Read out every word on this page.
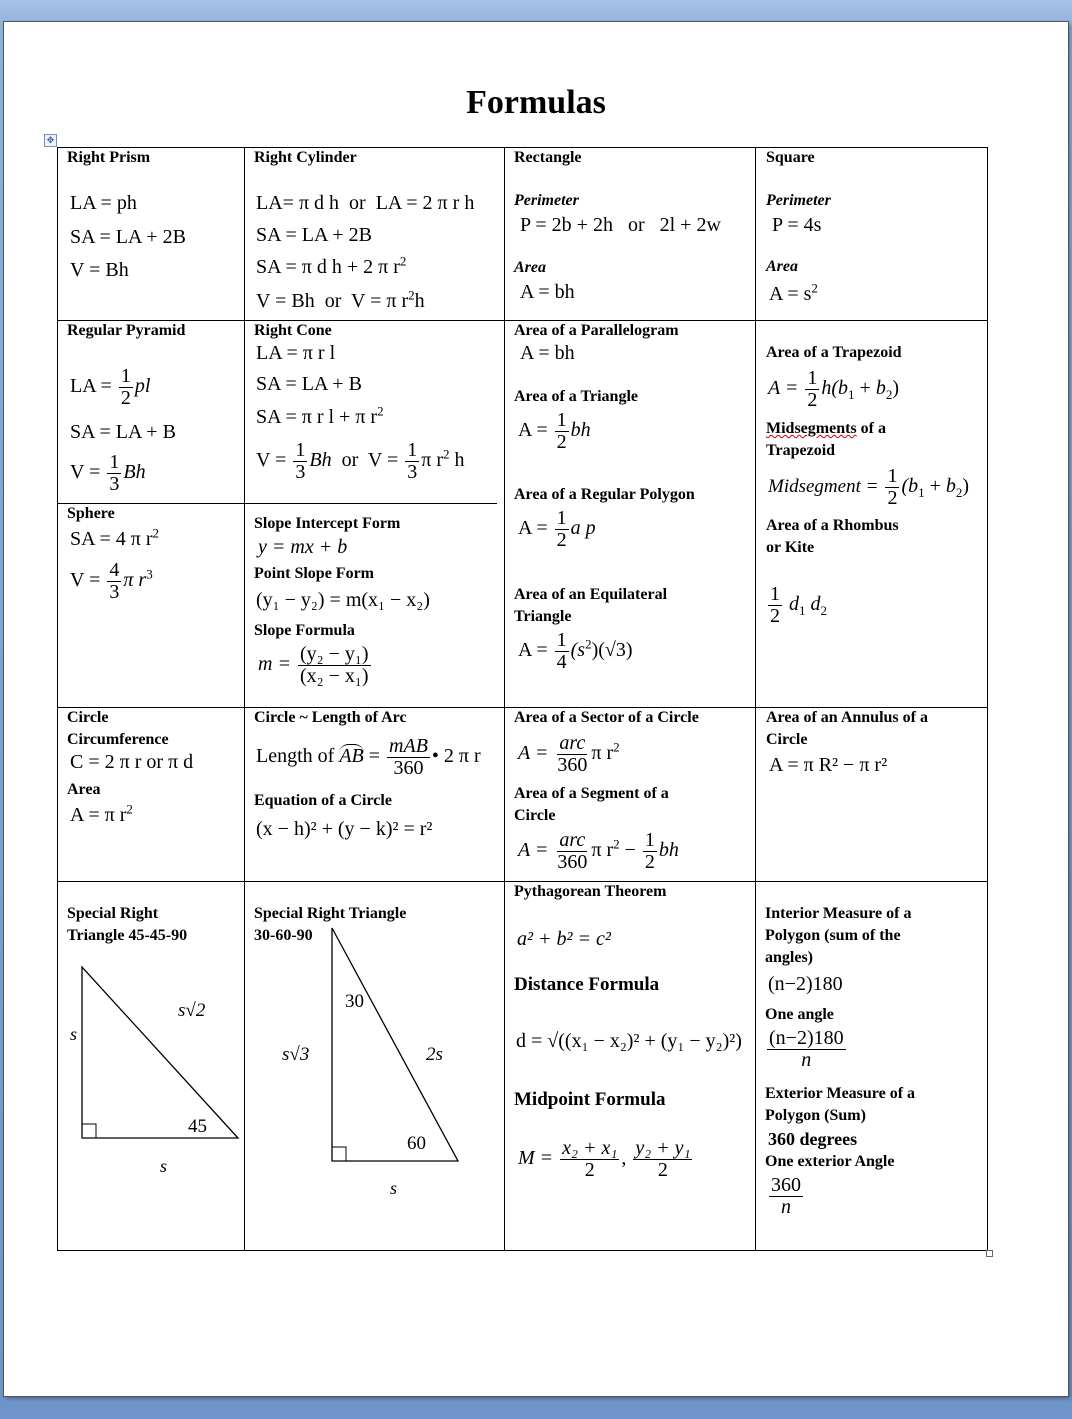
Formulas
✥
Right Prism
LA = ph
SA = LA + 2B
V = Bh
Right Cylinder
LA= π d h or LA = 2 π r h
SA = LA + 2B
SA = π d h + 2 π $r^2$
V = Bh or V = π $r^2h$
Rectangle
Perimeter
P = 2b + 2h or 2l + 2w
Area
A = bh
Square
Perimeter
P = 4s
Area
$A = s^2$
Regular Pyramid
LA = $\frac{1}{2}$ pl
SA = LA + B
$V = \frac{1}{3}$ Bh
Right Cone
LA = π r l
SA = LA + B
SA = π r l + π $r^2$
$V = \frac{1}{3}$ Bh or $V = \frac{1}{3}$ π $r^2$ h
Area of a Parallelogram
A = bh
Area of a Triangle
$A = \frac{1}{2}$ bh
Area of a Regular Polygon
$A = \frac{1}{2}$ a p
Area of an Equilateral
Triangle
$A = \frac{1}{4} (s^2)(√3)$
Area of a Trapezoid
$A = \frac{1}{2} h(b_1 + b_2)$
Midsegments of a
Trapezoid
Midsegment = $\frac{1}{2} (b_1 + b_2)$
Area of a Rhombus
or Kite
$\frac{1}{2} d_1$ $d_2$
Sphere
SA = 4 π $r^2$
$V = \frac{4}{3}$ π $r^3$
Slope Intercept Form
y = mx + b
Point Slope Form
(y₁ − y₂) = m(x₁ − x₂)
Slope Formula
$m = \frac{\text{(y₂ − y₁)}}{\text{(x₂ − x₁)}}$
Circle
Circumference
C = 2 π r or π d
Area
A = π $r^2$
Circle ~ Length of Arc
Length of AB = $\frac{\text{mAB}}{360}$ • 2 π r
Equation of a Circle
(x − h)² + (y − k)² = r²
Area of a Sector of a Circle
$A = \frac{\text{arc}}{360}$ π $r^2$
Area of a Segment of a
Circle
$A = \frac{\text{arc}}{360}$ π $r^2 - \frac{1}{2}$ bh
Area of an Annulus of a
Circle
A = π R² − π r²
Special Right
Triangle 45-45-90
s
s√2
45
s
Special Right Triangle
30-60-90
30
s√3	2s
60
s
Pythagorean Theorem
a² + b² = c²
Distance Formula
d = √((x₁ − x₂)² + (y₁ − y₂)²)
Midpoint Formula
$M = \frac{\text{x₂ + x₁}}{2}$ , $\frac{\text{y₂ + y₁}}{2}$
Interior Measure of a
Polygon (sum of the
angles)
(n−2)180
One angle
$\frac{(n-2)180}{n}$
Exterior Measure of a
Polygon (Sum)
360 degrees
One exterior Angle
$\frac{360}{n}$
